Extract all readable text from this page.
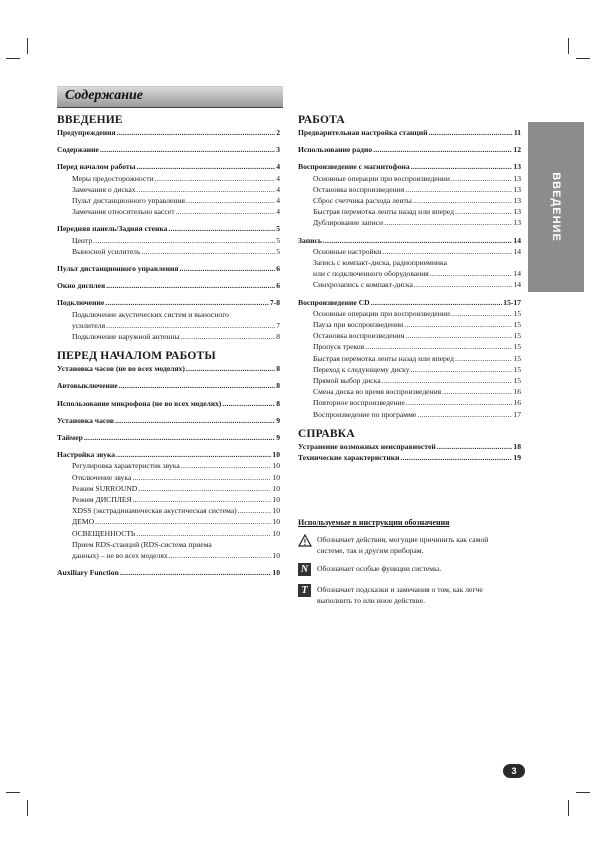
Содержание
ВВЕДЕНИЕ
ВВЕДЕНИЕ
Предупреждения .....	2
Содержание .....	3
Перед началом работы .....	4
Меры предосторожности .....	4
Замечания о дисках .....	4
Пульт дистанционного управления .....	4
Замечания относительно кассет .....	4
Передняя панель/Задняя стенка .....	5
Центр .....	5
Выносной усилитель .....	5
Пульт дистанционного управления .....	6
Окно дисплея .....	6
Подключение .....	7-8
Подключение акустических систем и выносного
усилителя .....	7
Подключение наружной антенны .....	8
ПЕРЕД НАЧАЛОМ РАБОТЫ
Установка часов (не во всех моделях) .....	8
Автовыключение .....	8
Использование микрофона (не во всех моделях) .....	8
Установка часов .....	9
Таймер .....	9
Настройка звука .....	10
Регулировка характеристик звука .....	10
Отключение звука .....	10
Режим SURROUND .....	10
Режим ДИСПЛЕЯ .....	10
XDSS (экстрадинамическая акустическая система) .....	10
ДЕМО .....	10
ОСВЕЩЕННОСТЬ .....	10
Прием RDS-станций (RDS-система приема
данных) – не во всех моделях .....	10
Auxiliary Function .....	10
РАБОТА
Предварительная настройка станций .....	11
Использование радио .....	12
Воспроизведение с магнитофона .....	13
Основные операции при воспроизведении .....	13
Остановка воспроизведения .....	13
Сброс счетчика расхода ленты .....	13
Быстрая перемотка ленты назад или вперед .....	13
Дублирование записи .....	13
Запись .....	14
Основные настройки .....	14
Запись с компакт-диска, радиоприемника
или с подключенного оборудования .....	14
Синхрозапись с компакт-диска .....	14
Воспроизведение CD .....	15-17
Основные операции при воспроизведении .....	15
Пауза при воспроизведении .....	15
Остановка воспроизведения .....	15
Пропуск треков .....	15
Быстрая перемотка ленты назад или вперед .....	15
Переход к следующему диску .....	15
Прямой выбор диска .....	15
Смена диска во время воспроизведения .....	16
Повторное воспроизведение .....	16
Воспроизведение по программе .....	17
СПРАВКА
Устранение возможных неисправностей .....	18
Технические характеристики .....	19
Используемые в инструкции обозначения
! Обозначает действия, могущие причинить как самой
системе, так и другим приборам.
N	Обозначает особые функции системы.
T	Обозначает подсказки и замечания о том, как легче
выполнить то или иное действие.
3
